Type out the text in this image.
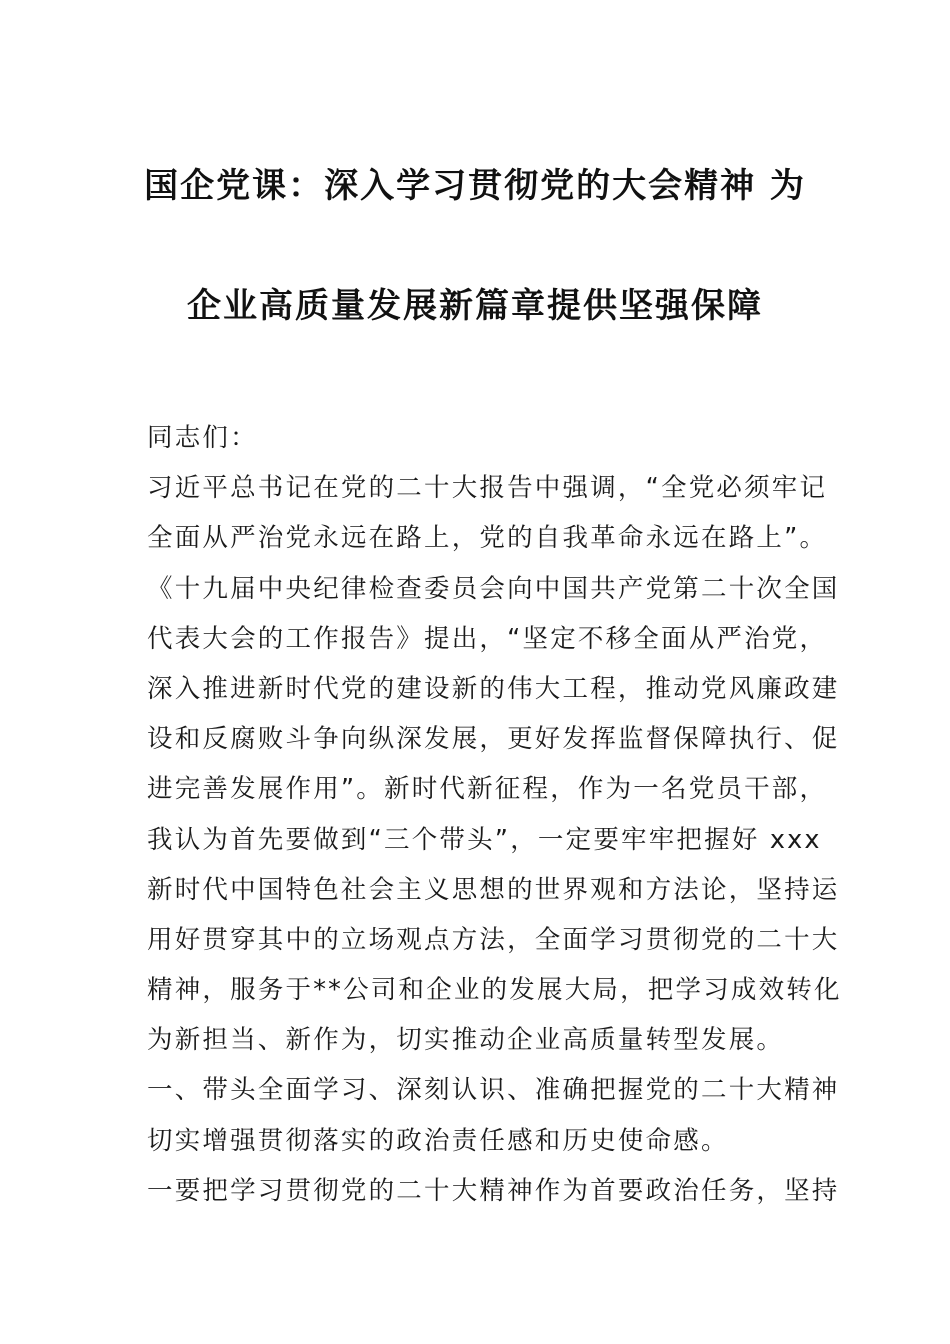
国企党课：深入学习贯彻党的大会精神 为
企业高质量发展新篇章提供坚强保障
同志们：
习近平总书记在党的二十大报告中强调，“全党必须牢记
全面从严治党永远在路上，党的自我革命永远在路上”。
《十九届中央纪律检查委员会向中国共产党第二十次全国
代表大会的工作报告》提出，“坚定不移全面从严治党，
深入推进新时代党的建设新的伟大工程，推动党风廉政建
设和反腐败斗争向纵深发展，更好发挥监督保障执行、促
进完善发展作用”。新时代新征程，作为一名党员干部，
我认为首先要做到“三个带头”，一定要牢牢把握好 xxx
新时代中国特色社会主义思想的世界观和方法论，坚持运
用好贯穿其中的立场观点方法，全面学习贯彻党的二十大
精神，服务于**公司和企业的发展大局，把学习成效转化
为新担当、新作为，切实推动企业高质量转型发展。
一、带头全面学习、深刻认识、准确把握党的二十大精神
切实增强贯彻落实的政治责任感和历史使命感。
一要把学习贯彻党的二十大精神作为首要政治任务，坚持
